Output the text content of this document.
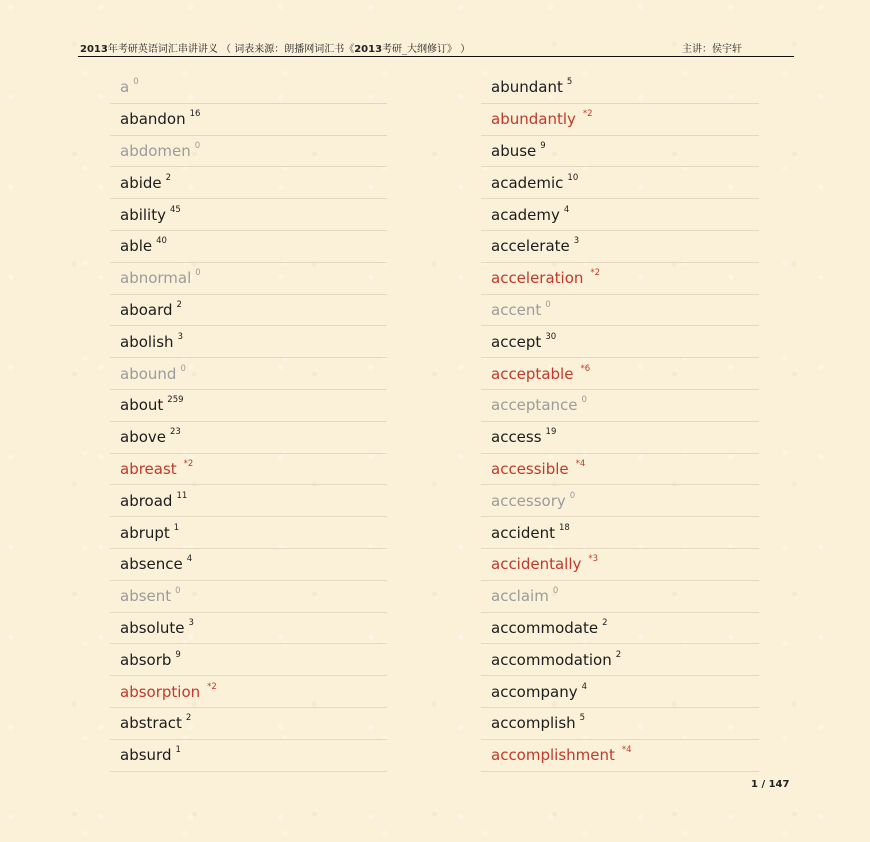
2013年考研英语词汇串讲讲义 （ 词表来源：朗播网词汇书《2013考研_大纲修订》 ）	主讲：侯宇轩
a 0
abandon 16
abdomen 0
abide 2
ability 45
able 40
abnormal 0
aboard 2
abolish 3
abound 0
about 259
above 23
abreast *2
abroad 11
abrupt 1
absence 4
absent 0
absolute 3
absorb 9
absorption *2
abstract 2
absurd 1
abundant 5
abundantly *2
abuse 9
academic 10
academy 4
accelerate 3
acceleration *2
accent 0
accept 30
acceptable *6
acceptance 0
access 19
accessible *4
accessory 0
accident 18
accidentally *3
acclaim 0
accommodate 2
accommodation 2
accompany 4
accomplish 5
accomplishment *4
1 / 147
